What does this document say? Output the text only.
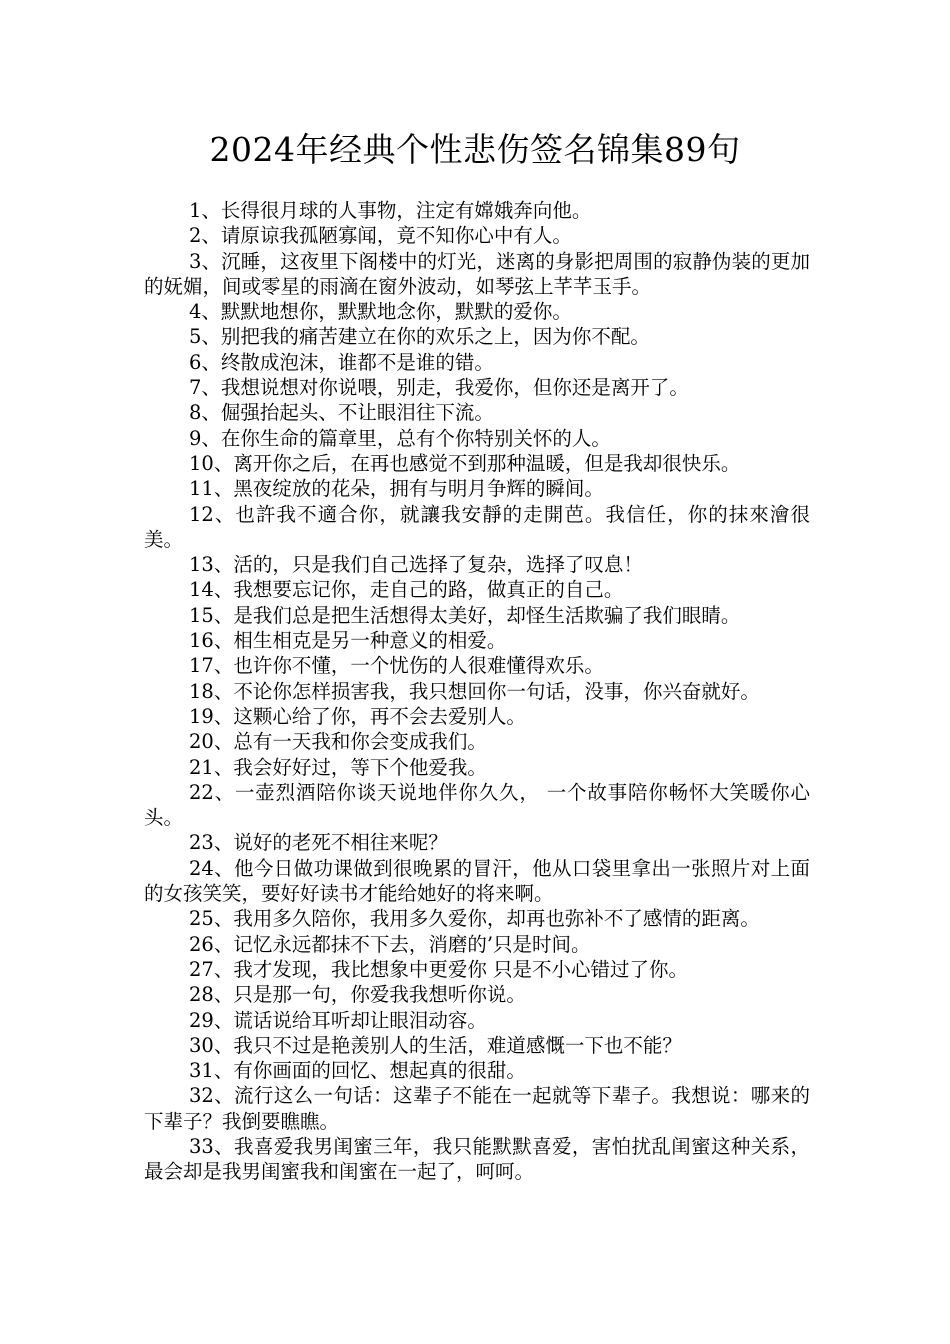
2024年经典个性悲伤签名锦集89句

1、长得很月球的人事物，注定有嫦娥奔向他。

2、请原谅我孤陋寡闻，竟不知你心中有人。

3、沉睡，这夜里下阁楼中的灯光，迷离的身影把周围的寂静伪装的更加的妩媚，间或零星的雨滴在窗外波动，如琴弦上芊芊玉手。

4、默默地想你，默默地念你，默默的爱你。

5、别把我的痛苦建立在你的欢乐之上，因为你不配。

6、终散成泡沫，谁都不是谁的错。

7、我想说想对你说喂，别走，我爱你，但你还是离开了。

8、倔强抬起头、不让眼泪往下流。

9、在你生命的篇章里，总有个你特别关怀的人。

10、离开你之后，在再也感觉不到那种温暖，但是我却很快乐。

11、黑夜绽放的花朵，拥有与明月争辉的瞬间。

12、也許我不適合你，就讓我安靜的走開芭。我信任，你的抹來澮很美。

13、活的，只是我们自己选择了复杂，选择了叹息！

14、我想要忘记你，走自己的路，做真正的自己。

15、是我们总是把生活想得太美好，却怪生活欺骗了我们眼睛。

16、相生相克是另一种意义的相爱。

17、也许你不懂，一个忧伤的人很难懂得欢乐。

18、不论你怎样损害我，我只想回你一句话，没事，你兴奋就好。

19、这颗心给了你，再不会去爱别人。

20、总有一天我和你会变成我们。

21、我会好好过，等下个他爱我。

22、一壶烈酒陪你谈天说地伴你久久， 一个故事陪你畅怀大笑暖你心头。

23、说好的老死不相往来呢？

24、他今日做功课做到很晚累的冒汗，他从口袋里拿出一张照片对上面的女孩笑笑，要好好读书才能给她好的将来啊。

25、我用多久陪你，我用多久爱你，却再也弥补不了感情的距离。

26、记忆永远都抹不下去，消磨的’只是时间。

27、我才发现，我比想象中更爱你 只是不小心错过了你。

28、只是那一句，你爱我我想听你说。

29、谎话说给耳听却让眼泪动容。

30、我只不过是艳羡别人的生活，难道感慨一下也不能？

31、有你画面的回忆、想起真的很甜。

32、流行这么一句话：这辈子不能在一起就等下辈子。我想说：哪来的下辈子？我倒要瞧瞧。

33、我喜爱我男闺蜜三年，我只能默默喜爱，害怕扰乱闺蜜这种关系，最会却是我男闺蜜我和闺蜜在一起了，呵呵。
